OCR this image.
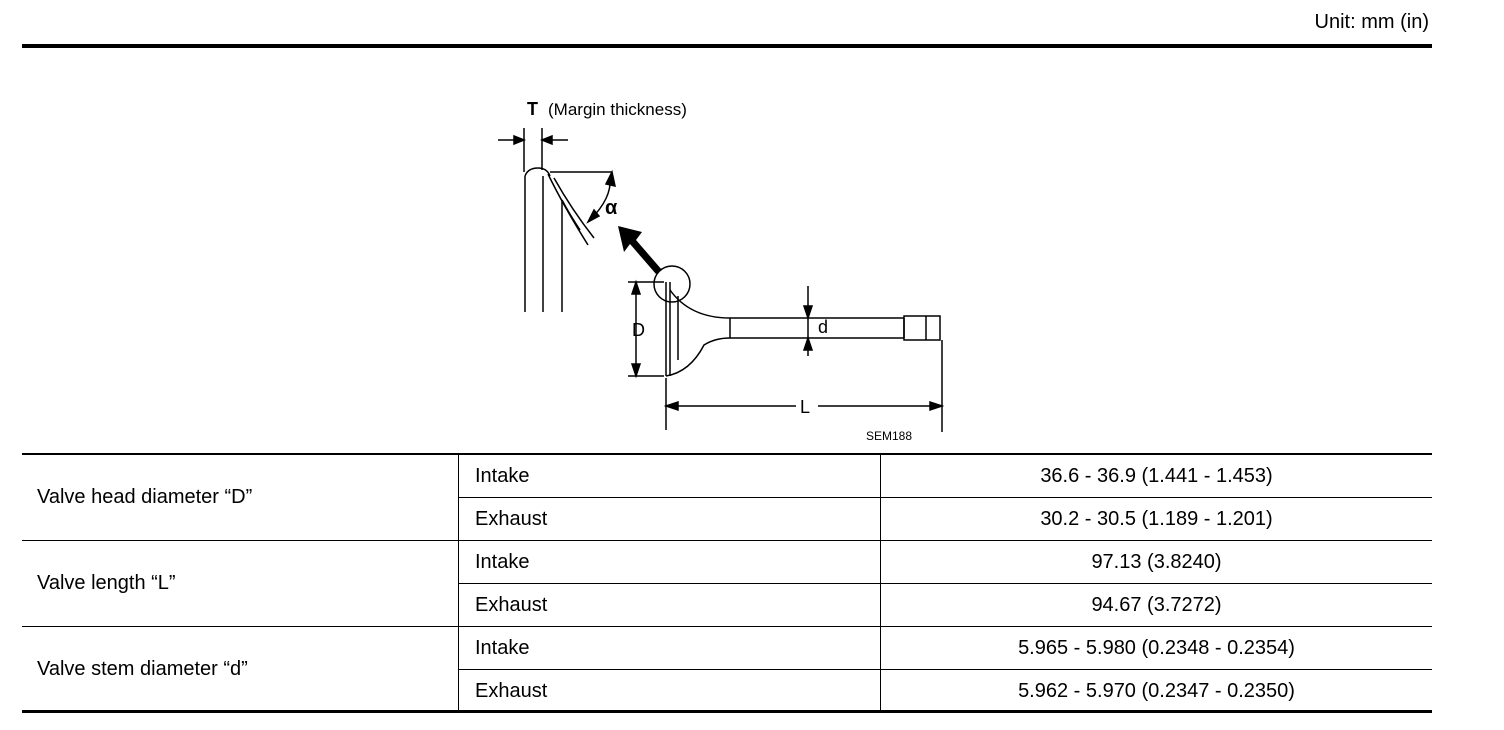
Unit: mm (in)
T (Margin thickness)
α
D	d
L
SEM188
Valve head diameter “D”	Intake	36.6 - 36.9 (1.441 - 1.453)
	Exhaust	30.2 - 30.5 (1.189 - 1.201)
Valve length “L”	Intake	97.13 (3.8240)
	Exhaust	94.67 (3.7272)
Valve stem diameter “d”	Intake	5.965 - 5.980 (0.2348 - 0.2354)
	Exhaust	5.962 - 5.970 (0.2347 - 0.2350)
